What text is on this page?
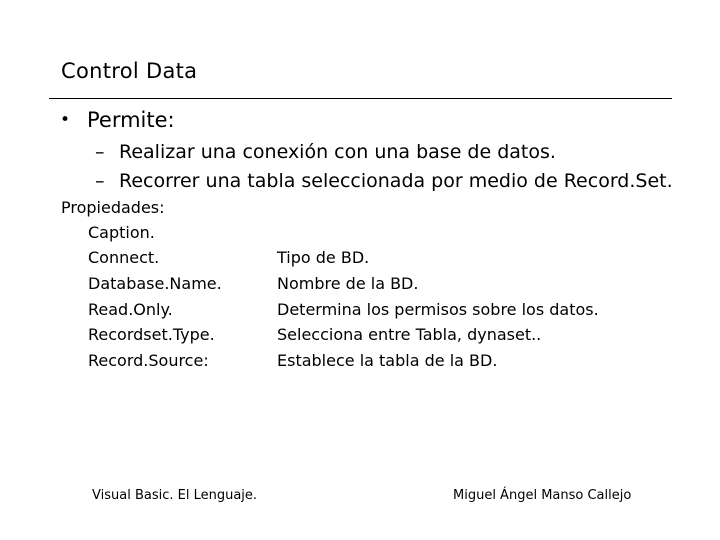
Control Data
• Permite:
– Realizar una conexión con una base de datos.
– Recorrer una tabla seleccionada por medio de Record.Set.
Propiedades:
Caption.
Connect.	Tipo de BD.
Database.Name.	Nombre de la BD.
Read.Only.	Determina los permisos sobre los datos.
Recordset.Type.	Selecciona entre Tabla, dynaset..
Record.Source:	Establece la tabla de la BD.
Visual Basic. El Lenguaje.	Miguel Ángel Manso Callejo
